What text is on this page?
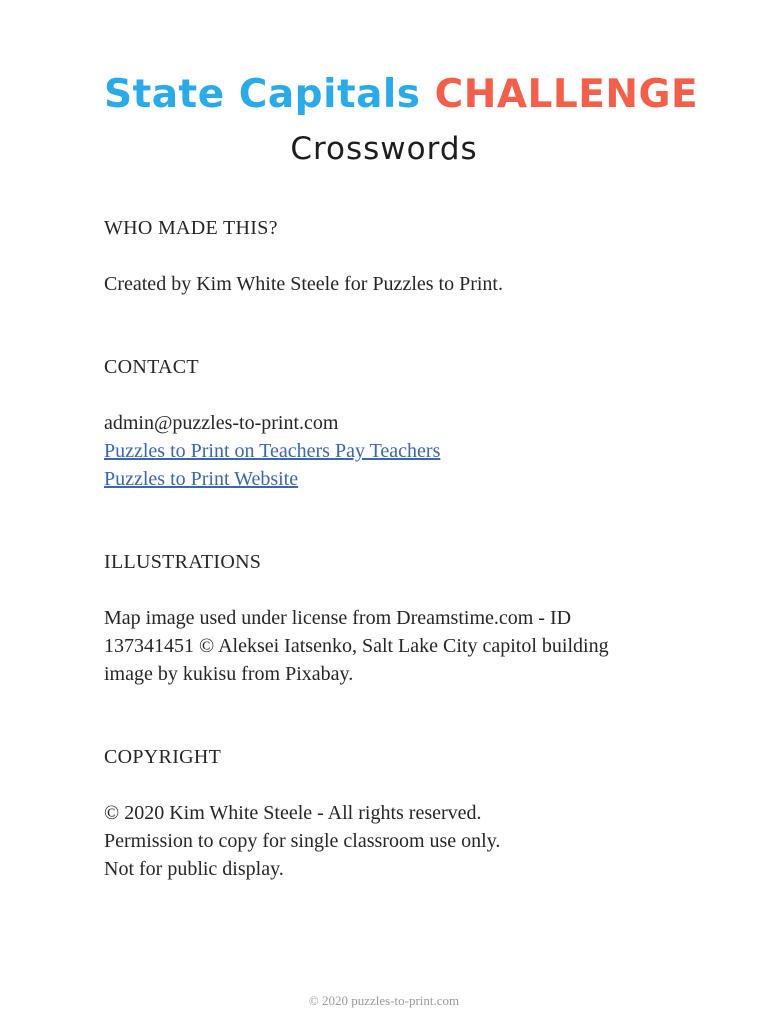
State Capitals CHALLENGE
Crosswords
WHO MADE THIS?

Created by Kim White Steele for Puzzles to Print.

CONTACT

admin@puzzles-to-print.com

Puzzles to Print on Teachers Pay Teachers

Puzzles to Print Website

ILLUSTRATIONS

Map image used under license from Dreamstime.com - ID

137341451 © Aleksei Iatsenko, Salt Lake City capitol building

image by kukisu from Pixabay.

COPYRIGHT

© 2020 Kim White Steele - All rights reserved.

Permission to copy for single classroom use only.

Not for public display.

© 2020 puzzles-to-print.com
